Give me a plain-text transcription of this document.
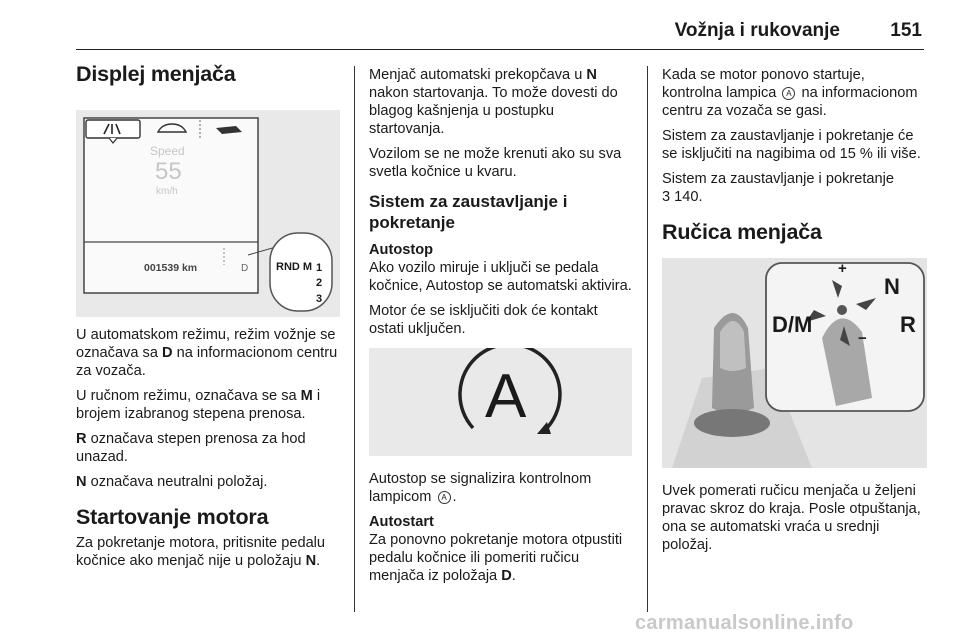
Vožnja i rukovanje	151
Displej menjača
Speed
55
km/h
001539 km	D	RND M 1
2
3
U automatskom režimu, režim vožnje se označava sa D na informacionom centru za vozača.
U ručnom režimu, označava se sa M i brojem izabranog stepena prenosa.
R označava stepen prenosa za hod unazad.
N označava neutralni položaj.
Startovanje motora
Za pokretanje motora, pritisnite pedalu kočnice ako menjač nije u položaju N.
Menjač automatski prekopčava u N nakon startovanja. To može dovesti do blagog kašnjenja u postupku startovanja.
Vozilom se ne može krenuti ako su sva svetla kočnice u kvaru.
Sistem za zaustavljanje i pokretanje
Autostop
Ako vozilo miruje i uključi se pedala kočnice, Autostop se automatski aktivira.
Motor će se isključiti dok će kontakt ostati uključen.
A
Autostop se signalizira kontrolnom lampicom A .
Autostart
Za ponovno pokretanje motora otpustiti pedalu kočnice ili pomeriti ručicu menjača iz položaja D.
Kada se motor ponovo startuje, kontrolna lampica A na informacionom centru za vozača se gasi.
Sistem za zaustavljanje i pokretanje će se isključiti na nagibima od 15 % ili više.
Sistem za zaustavljanje i pokretanje
3 140.
Ručica menjača
+
−
D/M
N
R
Uvek pomerati ručicu menjača u željeni pravac skroz do kraja. Posle otpuštanja, ona se automatski vraća u srednji položaj.
carmanualsonline.info
